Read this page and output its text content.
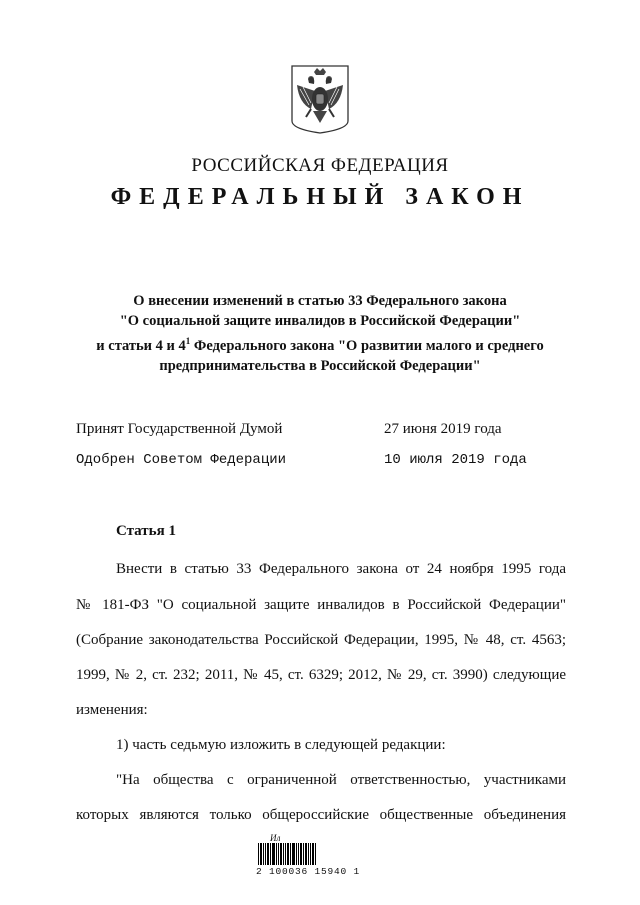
РОССИЙСКАЯ ФЕДЕРАЦИЯ
ФЕДЕРАЛЬНЫЙ ЗАКОН
О внесении изменений в статью 33 Федерального закона
"О социальной защите инвалидов в Российской Федерации"
и статьи 4 и $4^1$ Федерального закона "О развитии малого и среднего
предпринимательства в Российской Федерации"
Принят Государственной Думой	27 июня 2019 года
Одобрен Советом Федерации	10 июля 2019 года
Статья 1
Внести в статью 33 Федерального закона от 24 ноября 1995 года
№ 181-ФЗ "О социальной защите инвалидов в Российской Федерации"
(Собрание законодательства Российской Федерации, 1995, № 48, ст. 4563;
1999, № 2, ст. 232; 2011, № 45, ст. 6329; 2012, № 29, ст. 3990) следующие
изменения:
1) часть седьмую изложить в следующей редакции:
"На общества с ограниченной ответственностью, участниками
которых являются только общероссийские общественные объединения
Ил
2 100036 15940 1
